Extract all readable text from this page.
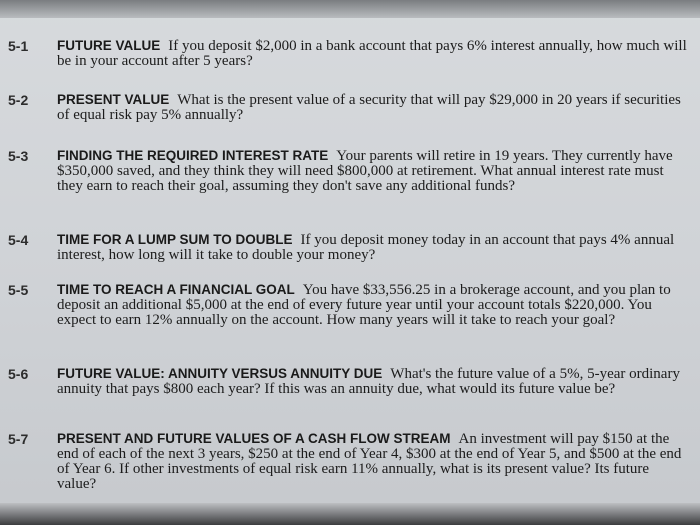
5-1 FUTURE VALUE If you deposit $2,000 in a bank account that pays 6% interest annually, how much will be in your account after 5 years?
5-2 PRESENT VALUE What is the present value of a security that will pay $29,000 in 20 years if securities of equal risk pay 5% annually?
5-3 FINDING THE REQUIRED INTEREST RATE Your parents will retire in 19 years. They currently have $350,000 saved, and they think they will need $800,000 at retirement. What annual interest rate must they earn to reach their goal, assuming they don't save any additional funds?
5-4 TIME FOR A LUMP SUM TO DOUBLE If you deposit money today in an account that pays 4% annual interest, how long will it take to double your money?
5-5 TIME TO REACH A FINANCIAL GOAL You have $33,556.25 in a brokerage account, and you plan to deposit an additional $5,000 at the end of every future year until your account totals $220,000. You expect to earn 12% annually on the account. How many years will it take to reach your goal?
5-6 FUTURE VALUE: ANNUITY VERSUS ANNUITY DUE What's the future value of a 5%, 5-year ordinary annuity that pays $800 each year? If this was an annuity due, what would its future value be?
5-7 PRESENT AND FUTURE VALUES OF A CASH FLOW STREAM An investment will pay $150 at the end of each of the next 3 years, $250 at the end of Year 4, $300 at the end of Year 5, and $500 at the end of Year 6. If other investments of equal risk earn 11% annually, what is its present value? Its future value?
